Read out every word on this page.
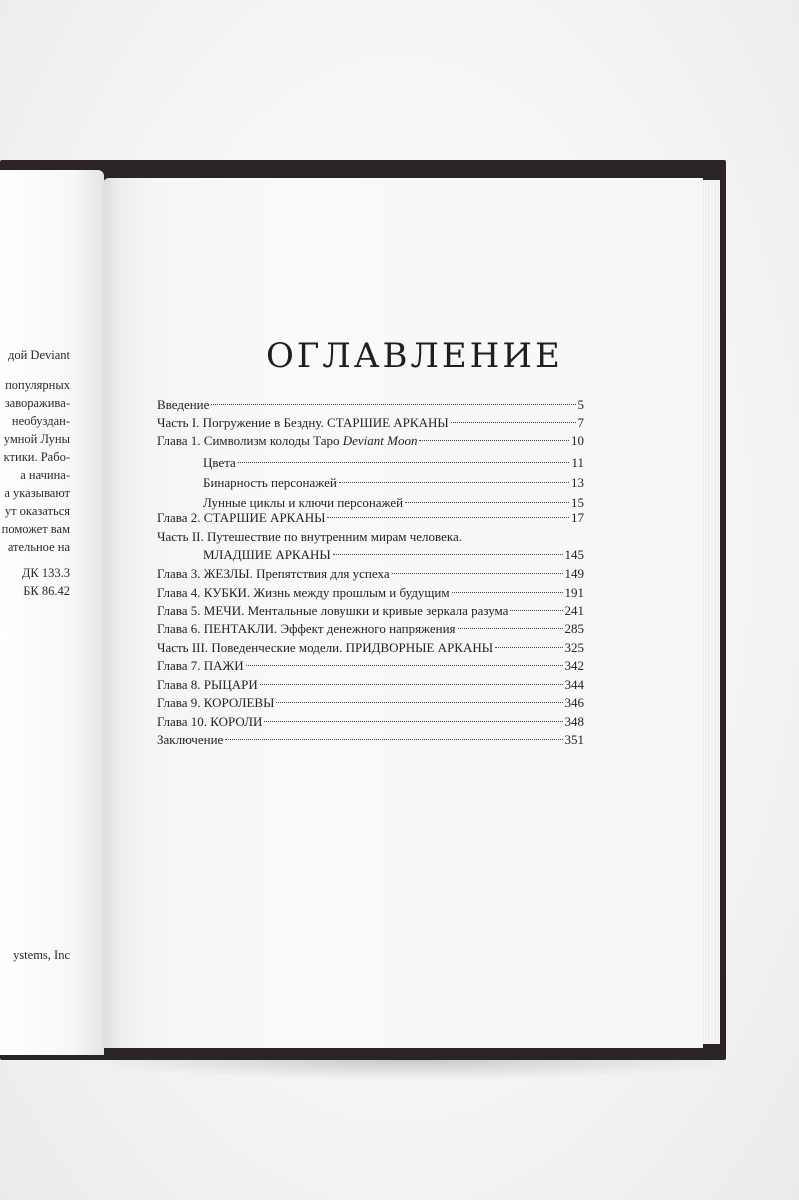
дой Deviant
популярных
завораживa-
необуздан-
умной Луны
ктики. Рабо-
а начина-
а указывают
ут оказаться
поможет вам
ательное на
ДК 133.3
БК 86.42
ystems, Inc
ОГЛАВЛЕНИЕ
Введение	5
Часть I. Погружение в Бездну. СТАРШИЕ АРКАНЫ	7
Глава 1. Символизм колоды Таро Deviant Moon	10
Цвета	11
Бинарность персонажей	13
Лунные циклы и ключи персонажей	15
Глава 2. СТАРШИЕ АРКАНЫ	17
Часть II. Путешествие по внутренним мирам человека.
МЛАДШИЕ АРКАНЫ	145
Глава 3. ЖЕЗЛЫ. Препятствия для успеха	149
Глава 4. КУБКИ. Жизнь между прошлым и будущим	191
Глава 5. МЕЧИ. Ментальные ловушки и кривые зеркала разума	241
Глава 6. ПЕНТАКЛИ. Эффект денежного напряжения	285
Часть III. Поведенческие модели. ПРИДВОРНЫЕ АРКАНЫ	325
Глава 7. ПАЖИ	342
Глава 8. РЫЦАРИ	344
Глава 9. КОРОЛЕВЫ	346
Глава 10. КОРОЛИ	348
Заключение	351
